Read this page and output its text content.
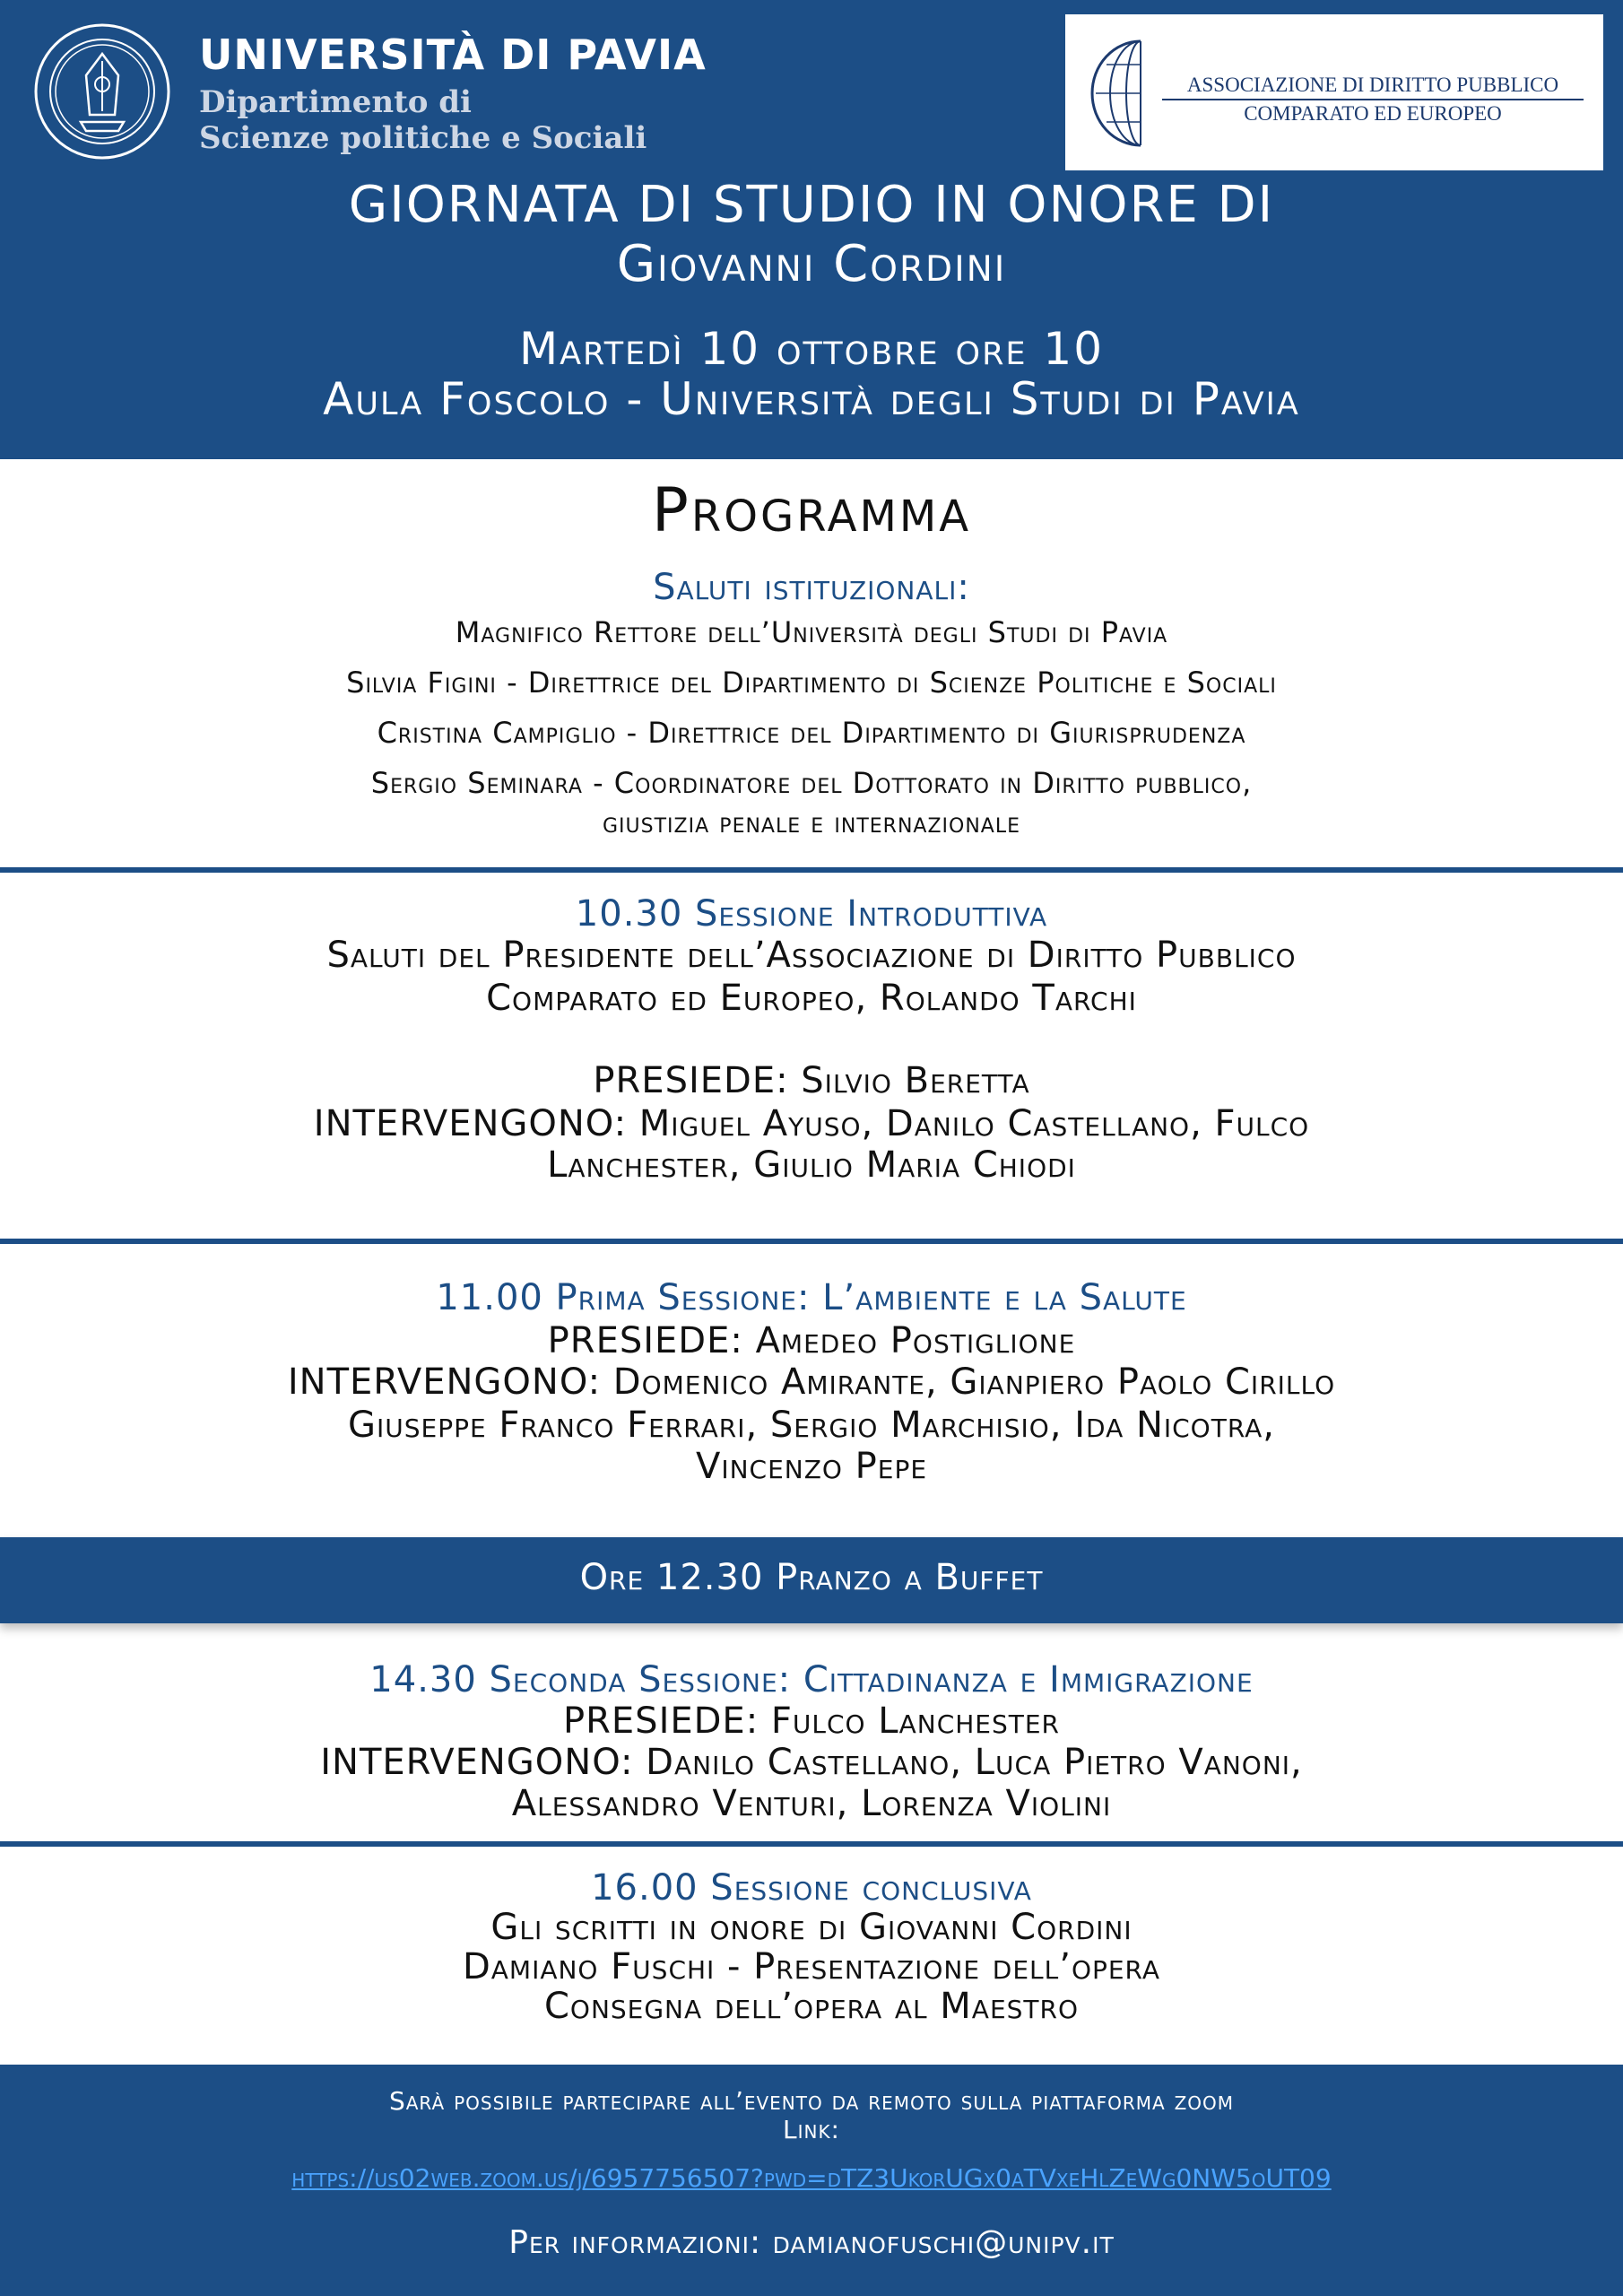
UNIVERSITÀ DI PAVIA
Dipartimento di
Scienze politiche e Sociali
ASSOCIAZIONE DI DIRITTO PUBBLICO
COMPARATO ED EUROPEO
GIORNATA DI STUDIO IN ONORE DI
Giovanni Cordini
Martedì 10 ottobre ore 10
Aula Foscolo - Università degli Studi di Pavia
Programma
Saluti istituzionali:
Magnifico Rettore dell’Università degli Studi di Pavia
Silvia Figini - Direttrice del Dipartimento di Scienze Politiche e Sociali
Cristina Campiglio - Direttrice del Dipartimento di Giurisprudenza
Sergio Seminara - Coordinatore del Dottorato in Diritto pubblico,
giustizia penale e internazionale
10.30 Sessione Introduttiva
Saluti del Presidente dell’Associazione di Diritto Pubblico
Comparato ed Europeo, Rolando Tarchi
PRESIEDE: Silvio Beretta
INTERVENGONO: Miguel Ayuso, Danilo Castellano, Fulco
Lanchester, Giulio Maria Chiodi
11.00 Prima Sessione: L’ambiente e la Salute
PRESIEDE: Amedeo Postiglione
INTERVENGONO: Domenico Amirante, Gianpiero Paolo Cirillo
Giuseppe Franco Ferrari, Sergio Marchisio, Ida Nicotra,
Vincenzo Pepe
Ore 12.30 Pranzo a Buffet
14.30 Seconda Sessione: Cittadinanza e Immigrazione
PRESIEDE: Fulco Lanchester
INTERVENGONO: Danilo Castellano, Luca Pietro Vanoni,
Alessandro Venturi, Lorenza Violini
16.00 Sessione conclusiva
Gli scritti in onore di Giovanni Cordini
Damiano Fuschi - Presentazione dell’opera
Consegna dell’opera al Maestro
Sarà possibile partecipare all’evento da remoto sulla piattaforma zoom
Link:
https://us02web.zoom.us/j/6957756507?pwd=dTZ3UkorUGx0aTVxeHlZeWg0NW5oUT09
Per informazioni: damianofuschi@unipv.it
